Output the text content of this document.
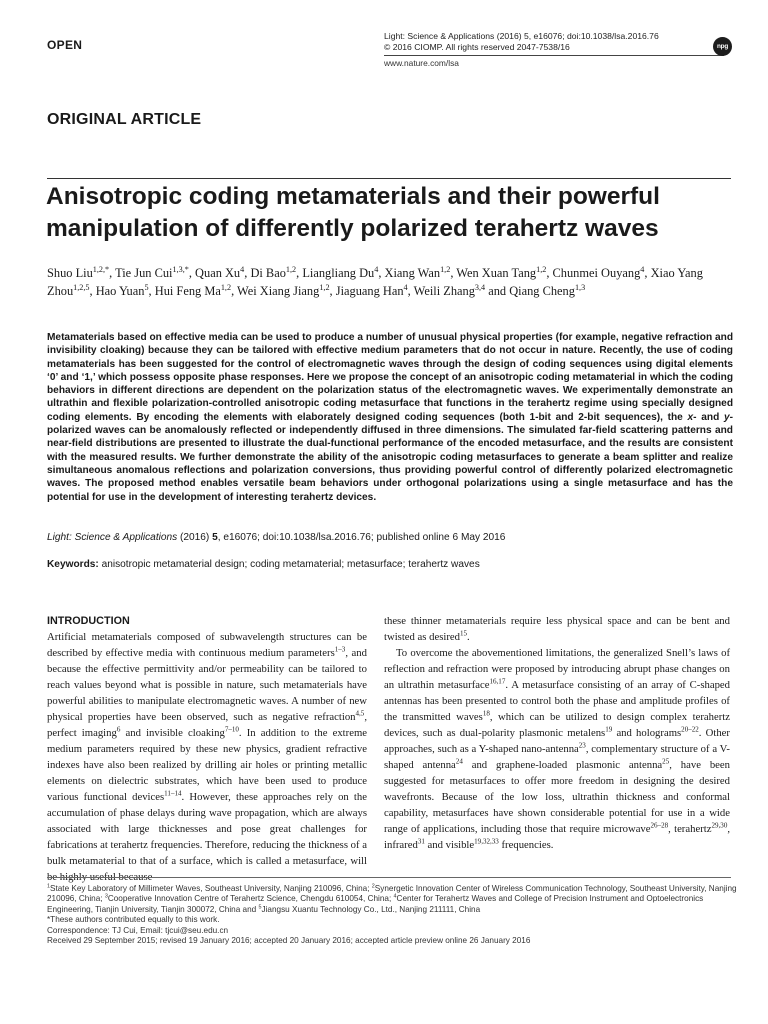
OPEN
Light: Science & Applications (2016) 5, e16076; doi:10.1038/lsa.2016.76
© 2016 CIOMP. All rights reserved 2047-7538/16
www.nature.com/lsa
npg
ORIGINAL ARTICLE
Anisotropic coding metamaterials and their powerful manipulation of differently polarized terahertz waves
Shuo Liu$^{1,2,*}$, Tie Jun Cui$^{1,3,*}$, Quan Xu$^4$, Di Bao$^{1,2}$, Liangliang Du$^4$, Xiang Wan$^{1,2}$, Wen Xuan Tang$^{1,2}$, Chunmei Ouyang$^4$, Xiao Yang Zhou$^{1,2,5}$, Hao Yuan$^5$, Hui Feng Ma$^{1,2}$, Wei Xiang Jiang$^{1,2}$, Jiaguang Han$^4$, Weili Zhang$^{3,4}$ and Qiang Cheng$^{1,3}$
Metamaterials based on effective media can be used to produce a number of unusual physical properties (for example, negative refraction and invisibility cloaking) because they can be tailored with effective medium parameters that do not occur in nature. Recently, the use of coding metamaterials has been suggested for the control of electromagnetic waves through the design of coding sequences using digital elements ‘0’ and ‘1,’ which possess opposite phase responses. Here we propose the concept of an anisotropic coding metamaterial in which the coding behaviors in different directions are dependent on the polarization status of the electromagnetic waves. We experimentally demonstrate an ultrathin and flexible polarization-controlled anisotropic coding metasurface that functions in the terahertz regime using specially designed coding elements. By encoding the elements with elaborately designed coding sequences (both 1-bit and 2-bit sequences), the x- and y-polarized waves can be anomalously reflected or independently diffused in three dimensions. The simulated far-field scattering patterns and near-field distributions are presented to illustrate the dual-functional performance of the encoded metasurface, and the results are consistent with the measured results. We further demonstrate the ability of the anisotropic coding metasurfaces to generate a beam splitter and realize simultaneous anomalous reflections and polarization conversions, thus providing powerful control of differently polarized electromagnetic waves. The proposed method enables versatile beam behaviors under orthogonal polarizations using a single metasurface and has the potential for use in the development of interesting terahertz devices.
Light: Science & Applications (2016) 5, e16076; doi:10.1038/lsa.2016.76; published online 6 May 2016
Keywords: anisotropic metamaterial design; coding metamaterial; metasurface; terahertz waves
INTRODUCTION

Artificial metamaterials composed of subwavelength structures can be described by effective media with continuous medium parameters$^{1-3}$, and because the effective permittivity and/or permeability can be tailored to reach values beyond what is possible in nature, such metamaterials have powerful abilities to manipulate electromagnetic waves. A number of new physical properties have been observed, such as negative refraction$^{4,5}$, perfect imaging$^6$ and invisible cloaking$^{7-10}$. In addition to the extreme medium parameters required by these new physics, gradient refractive indexes have also been realized by drilling air holes or printing metallic elements on dielectric substrates, which have been used to produce various functional devices$^{11-14}$. However, these approaches rely on the accumulation of phase delays during wave propagation, which are always associated with large thicknesses and pose great challenges for fabrications at terahertz frequencies. Therefore, reducing the thickness of a bulk metamaterial to that of a surface, which is called a metasurface, will be highly useful because

these thinner metamaterials require less physical space and can be bent and twisted as desired$^{15}$.

To overcome the abovementioned limitations, the generalized Snell’s laws of reflection and refraction were proposed by introducing abrupt phase changes on an ultrathin metasurface$^{16,17}$. A metasurface consisting of an array of C-shaped antennas has been presented to control both the phase and amplitude profiles of the transmitted waves$^{18}$, which can be utilized to design complex terahertz devices, such as dual-polarity plasmonic metalens$^{19}$ and holograms$^{20-22}$. Other approaches, such as a Y-shaped nano-antenna$^{23}$, complementary structure of a V-shaped antenna$^{24}$ and graphene-loaded plasmonic antenna$^{25}$, have been suggested for metasurfaces to offer more freedom in designing the desired wavefronts. Because of the low loss, ultrathin thickness and conformal capability, metasurfaces have shown considerable potential for use in a wide range of applications, including those that require microwave$^{26-28}$, terahertz$^{29,30}$, infrared$^{31}$ and visible$^{19,32,33}$ frequencies.

$^1$State Key Laboratory of Millimeter Waves, Southeast University, Nanjing 210096, China; $^2$Synergetic Innovation Center of Wireless Communication Technology, Southeast University, Nanjing 210096, China; $^3$Cooperative Innovation Centre of Terahertz Science, Chengdu 610054, China; $^4$Center for Terahertz Waves and College of Precision Instrument and Optoelectronics Engineering, Tianjin University, Tianjin 300072, China and $^5$Jiangsu Xuantu Technology Co., Ltd., Nanjing 211111, China

*These authors contributed equally to this work.

Correspondence: TJ Cui, Email: tjcui@seu.edu.cn

Received 29 September 2015; revised 19 January 2016; accepted 20 January 2016; accepted article preview online 26 January 2016
